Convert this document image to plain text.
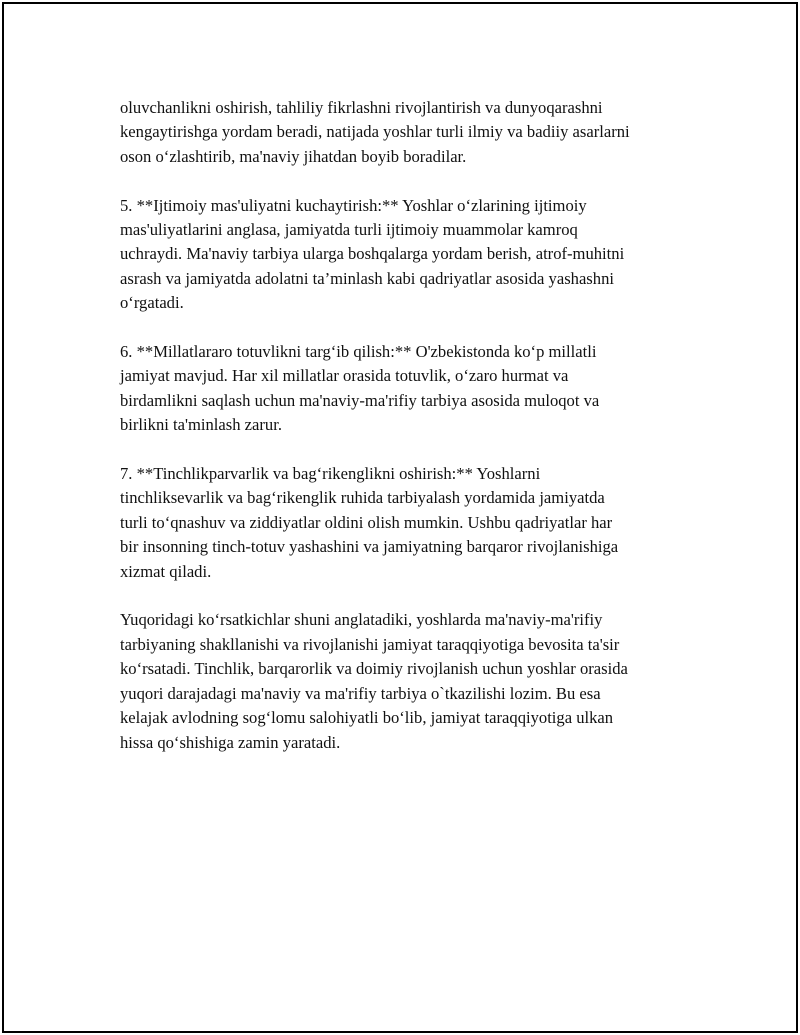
oluvchanlikni oshirish, tahliliy fikrlashni rivojlantirish va dunyoqarashni
kengaytirishga yordam beradi, natijada yoshlar turli ilmiy va badiiy asarlarni
oson o‘zlashtirib, ma'naviy jihatdan boyib boradilar.

5. **Ijtimoiy mas'uliyatni kuchaytirish:** Yoshlar o‘zlarining ijtimoiy
mas'uliyatlarini anglasa, jamiyatda turli ijtimoiy muammolar kamroq
uchraydi. Ma'naviy tarbiya ularga boshqalarga yordam berish, atrof-muhitni
asrash va jamiyatda adolatni ta’minlash kabi qadriyatlar asosida yashashni
o‘rgatadi.

6. **Millatlararo totuvlikni targ‘ib qilish:** O'zbekistonda ko‘p millatli
jamiyat mavjud. Har xil millatlar orasida totuvlik, o‘zaro hurmat va
birdamlikni saqlash uchun ma'naviy-ma'rifiy tarbiya asosida muloqot va
birlikni ta'minlash zarur.

7. **Tinchlikparvarlik va bag‘rikenglikni oshirish:** Yoshlarni
tinchliksevarlik va bag‘rikenglik ruhida tarbiyalash yordamida jamiyatda
turli to‘qnashuv va ziddiyatlar oldini olish mumkin. Ushbu qadriyatlar har
bir insonning tinch-totuv yashashini va jamiyatning barqaror rivojlanishiga
xizmat qiladi.

Yuqoridagi ko‘rsatkichlar shuni anglatadiki, yoshlarda ma'naviy-ma'rifiy
tarbiyaning shakllanishi va rivojlanishi jamiyat taraqqiyotiga bevosita ta'sir
ko‘rsatadi. Tinchlik, barqarorlik va doimiy rivojlanish uchun yoshlar orasida
yuqori darajadagi ma'naviy va ma'rifiy tarbiya o`tkazilishi lozim. Bu esa
kelajak avlodning sog‘lomu salohiyatli bo‘lib, jamiyat taraqqiyotiga ulkan
hissa qo‘shishiga zamin yaratadi.
